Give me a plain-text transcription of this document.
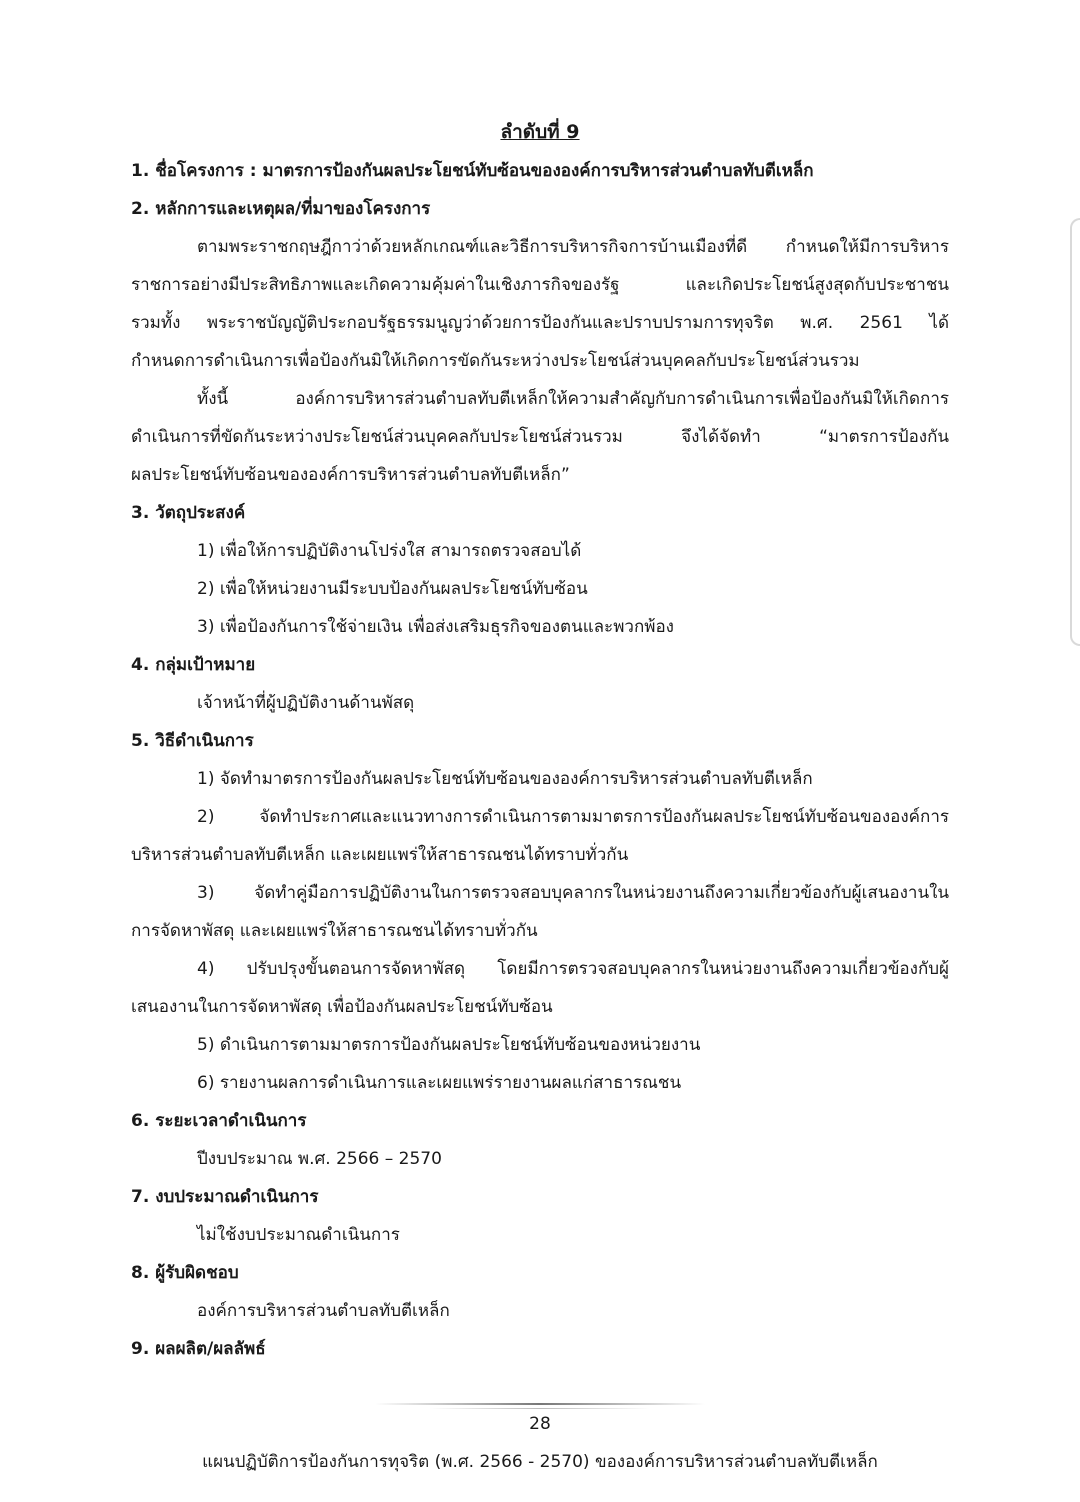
ลำดับที่ 9

1. ชื่อโครงการ : มาตรการป้องกันผลประโยชน์ทับซ้อนขององค์การบริหารส่วนตำบลทับตีเหล็ก

2. หลักการและเหตุผล/ที่มาของโครงการ

ตามพระราชกฤษฎีกาว่าด้วยหลักเกณฑ์และวิธีการบริหารกิจการบ้านเมืองที่ดี กำหนดให้มีการบริหาร

ราชการอย่างมีประสิทธิภาพและเกิดความคุ้มค่าในเชิงภารกิจของรัฐ และเกิดประโยชน์สูงสุดกับประชาชน

รวมทั้ง พระราชบัญญัติประกอบรัฐธรรมนูญว่าด้วยการป้องกันและปราบปรามการทุจริต พ.ศ. 2561 ได้

กำหนดการดำเนินการเพื่อป้องกันมิให้เกิดการขัดกันระหว่างประโยชน์ส่วนบุคคลกับประโยชน์ส่วนรวม

ทั้งนี้ องค์การบริหารส่วนตำบลทับตีเหล็กให้ความสำคัญกับการดำเนินการเพื่อป้องกันมิให้เกิดการ

ดำเนินการที่ขัดกันระหว่างประโยชน์ส่วนบุคคลกับประโยชน์ส่วนรวม จึงได้จัดทำ “มาตรการป้องกัน

ผลประโยชน์ทับซ้อนขององค์การบริหารส่วนตำบลทับตีเหล็ก”

3. วัตถุประสงค์

1) เพื่อให้การปฏิบัติงานโปร่งใส สามารถตรวจสอบได้

2) เพื่อให้หน่วยงานมีระบบป้องกันผลประโยชน์ทับซ้อน

3) เพื่อป้องกันการใช้จ่ายเงิน เพื่อส่งเสริมธุรกิจของตนและพวกพ้อง

4. กลุ่มเป้าหมาย

เจ้าหน้าที่ผู้ปฏิบัติงานด้านพัสดุ

5. วิธีดำเนินการ

1) จัดทำมาตรการป้องกันผลประโยชน์ทับซ้อนขององค์การบริหารส่วนตำบลทับตีเหล็ก

2) จัดทำประกาศและแนวทางการดำเนินการตามมาตรการป้องกันผลประโยชน์ทับซ้อนขององค์การ

บริหารส่วนตำบลทับตีเหล็ก และเผยแพร่ให้สาธารณชนได้ทราบทั่วกัน

3) จัดทำคู่มือการปฏิบัติงานในการตรวจสอบบุคลากรในหน่วยงานถึงความเกี่ยวข้องกับผู้เสนองานใน

การจัดหาพัสดุ และเผยแพร่ให้สาธารณชนได้ทราบทั่วกัน

4) ปรับปรุงขั้นตอนการจัดหาพัสดุ โดยมีการตรวจสอบบุคลากรในหน่วยงานถึงความเกี่ยวข้องกับผู้

เสนองานในการจัดหาพัสดุ เพื่อป้องกันผลประโยชน์ทับซ้อน

5) ดำเนินการตามมาตรการป้องกันผลประโยชน์ทับซ้อนของหน่วยงาน

6) รายงานผลการดำเนินการและเผยแพร่รายงานผลแก่สาธารณชน

6. ระยะเวลาดำเนินการ

ปีงบประมาณ พ.ศ. 2566 – 2570

7. งบประมาณดำเนินการ

ไม่ใช้งบประมาณดำเนินการ

8. ผู้รับผิดชอบ

องค์การบริหารส่วนตำบลทับตีเหล็ก

9. ผลผลิต/ผลลัพธ์

28
แผนปฏิบัติการป้องกันการทุจริต (พ.ศ. 2566 - 2570) ขององค์การบริหารส่วนตำบลทับตีเหล็ก
